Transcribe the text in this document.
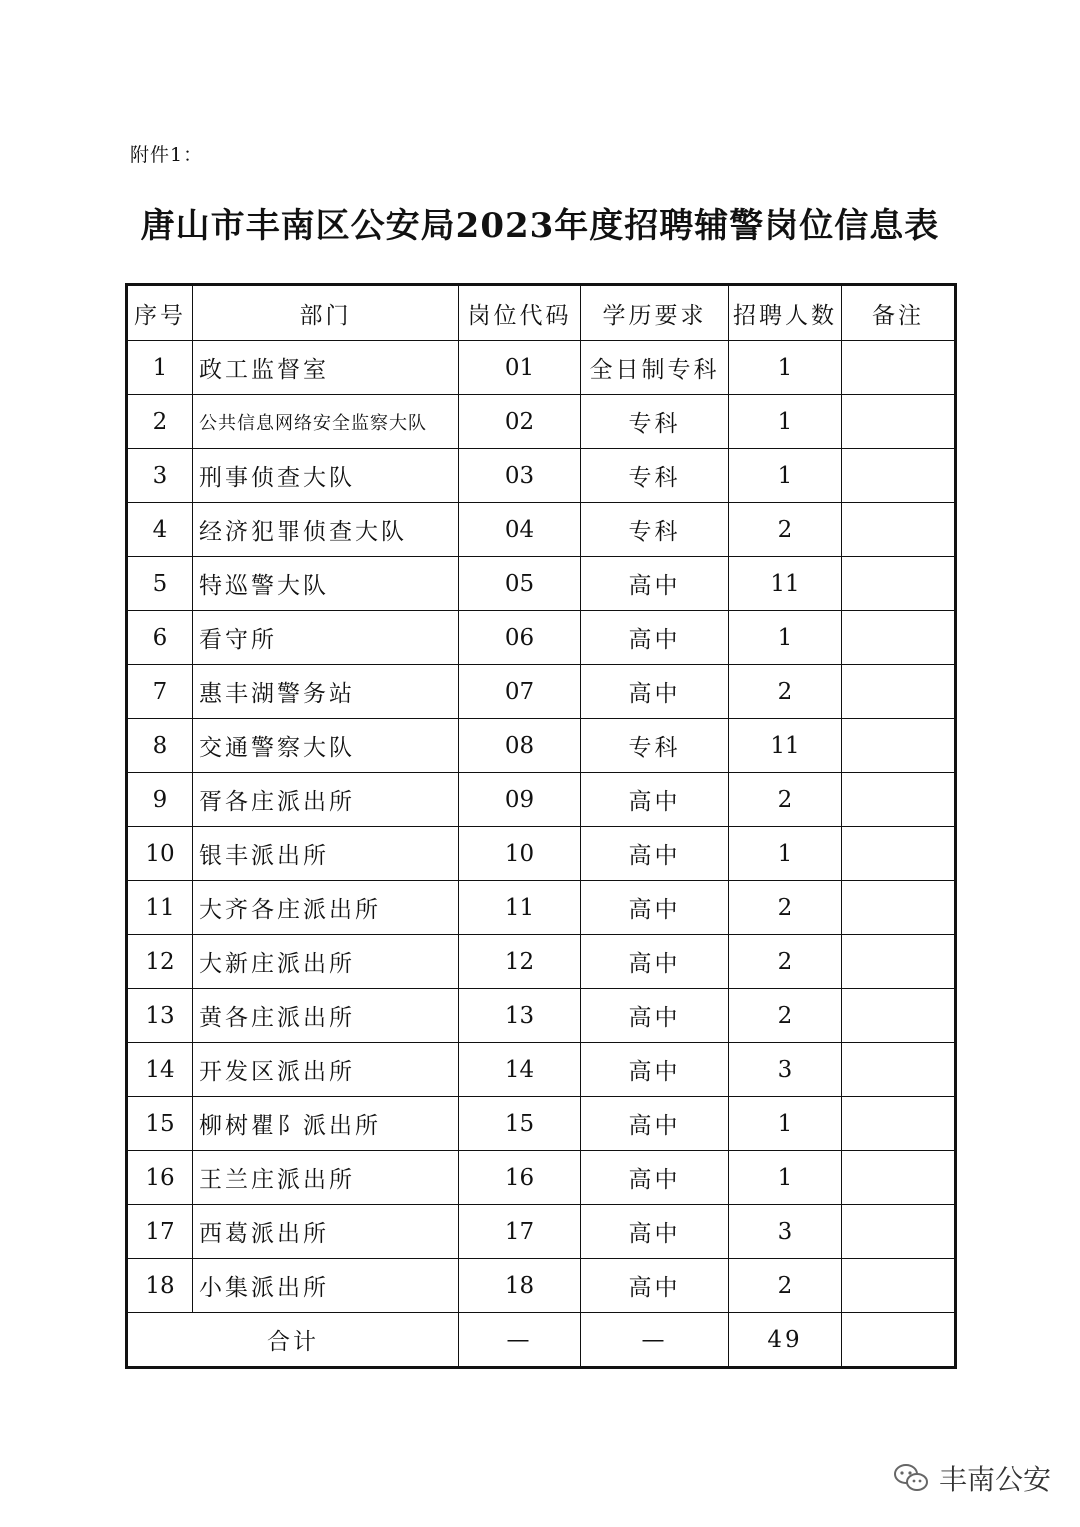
附件1：
唐山市丰南区公安局2023年度招聘辅警岗位信息表
序号	部门	岗位代码	学历要求	招聘人数	备注
1	政工监督室	01	全日制专科	1	
2	公共信息网络安全监察大队	02	专科	1	
3	刑事侦查大队	03	专科	1	
4	经济犯罪侦查大队	04	专科	2	
5	特巡警大队	05	高中	11	
6	看守所	06	高中	1	
7	惠丰湖警务站	07	高中	2	
8	交通警察大队	08	专科	11	
9	胥各庄派出所	09	高中	2	
10	银丰派出所	10	高中	1	
11	大齐各庄派出所	11	高中	2	
12	大新庄派出所	12	高中	2	
13	黄各庄派出所	13	高中	2	
14	开发区派出所	14	高中	3	
15	柳树瞿阝派出所	15	高中	1	
16	王兰庄派出所	16	高中	1	
17	西葛派出所	17	高中	3	
18	小集派出所	18	高中	2	
合计		—	—	49	
丰南公安
